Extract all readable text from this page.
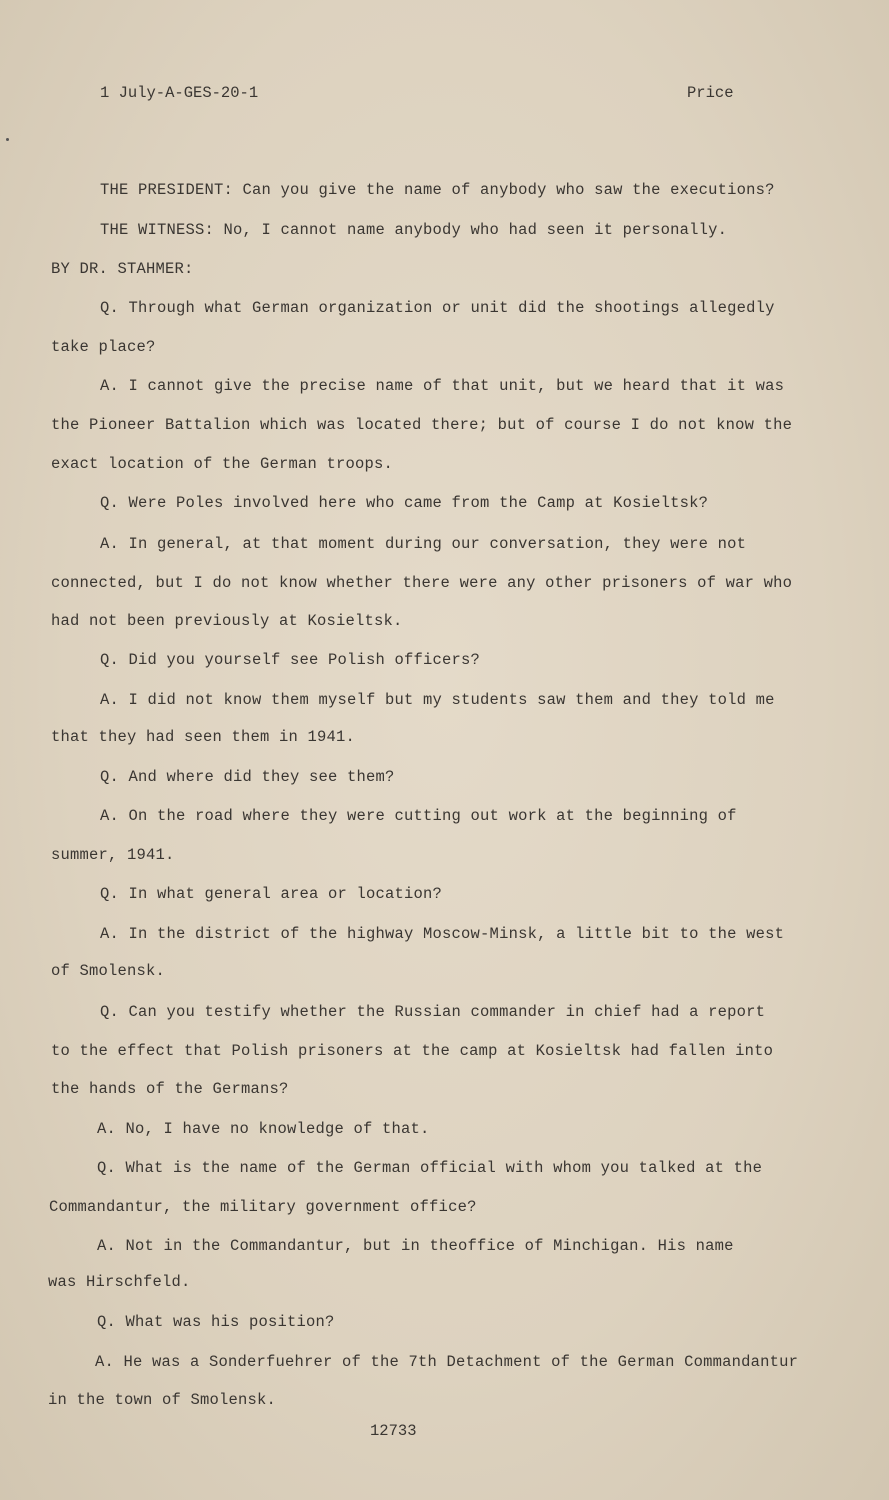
1 July-A-GES-20-1	Price
THE PRESIDENT: Can you give the name of anybody who saw the executions?
THE WITNESS: No, I cannot name anybody who had seen it personally.
BY DR. STAHMER:
Q. Through what German organization or unit did the shootings allegedly
take place?
A. I cannot give the precise name of that unit, but we heard that it was
the Pioneer Battalion which was located there; but of course I do not know the
exact location of the German troops.
Q. Were Poles involved here who came from the Camp at Kosieltsk?
A. In general, at that moment during our conversation, they were not
connected, but I do not know whether there were any other prisoners of war who
had not been previously at Kosieltsk.
Q. Did you yourself see Polish officers?
A. I did not know them myself but my students saw them and they told me
that they had seen them in 1941.
Q. And where did they see them?
A. On the road where they were cutting out work at the beginning of
summer, 1941.
Q. In what general area or location?
A. In the district of the highway Moscow-Minsk, a little bit to the west
of Smolensk.
Q. Can you testify whether the Russian commander in chief had a report
to the effect that Polish prisoners at the camp at Kosieltsk had fallen into
the hands of the Germans?
A. No, I have no knowledge of that.
Q. What is the name of the German official with whom you talked at the
Commandantur, the military government office?
A. Not in the Commandantur, but in theoffice of Minchigan. His name
was Hirschfeld.
Q. What was his position?
A. He was a Sonderfuehrer of the 7th Detachment of the German Commandantur
in the town of Smolensk.
12733
